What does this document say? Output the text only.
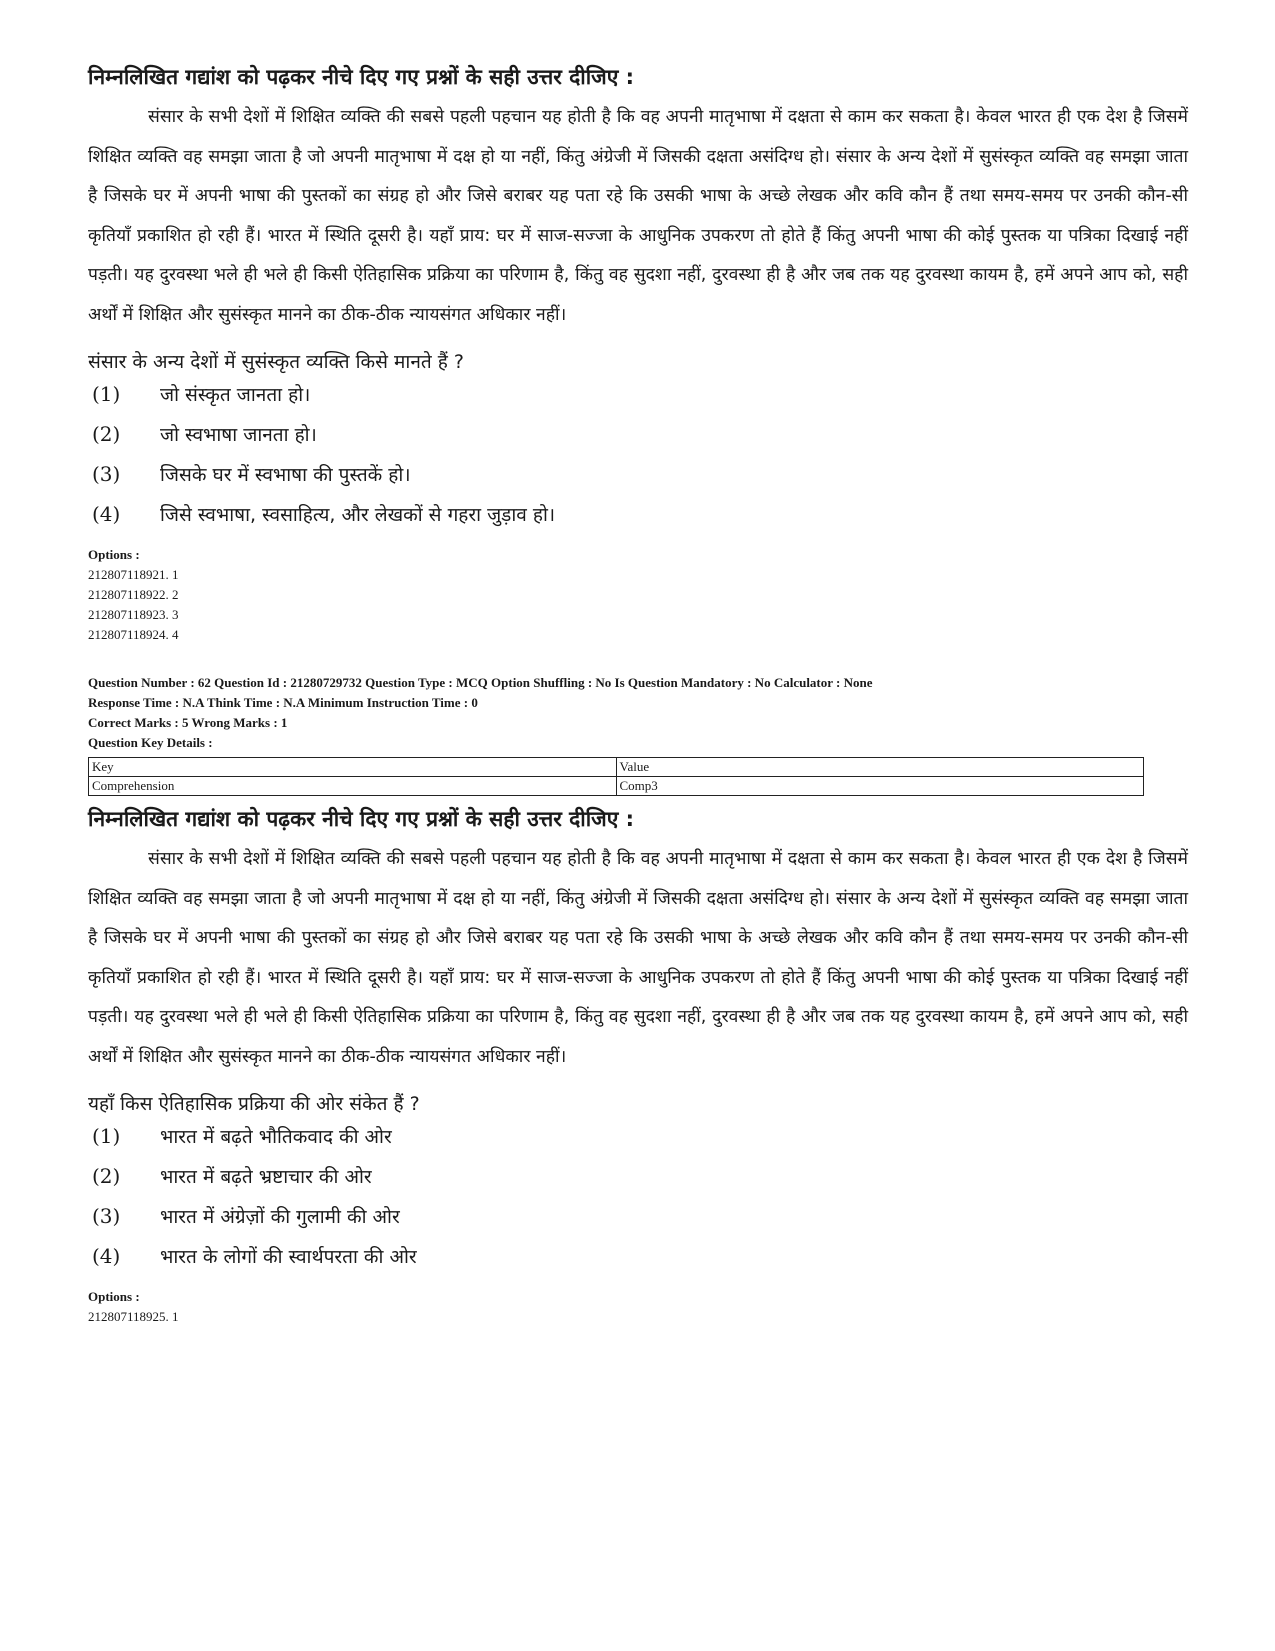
निम्नलिखित गद्यांश को पढ़कर नीचे दिए गए प्रश्नों के सही उत्तर दीजिए :

संसार के सभी देशों में शिक्षित व्यक्ति की सबसे पहली पहचान यह होती है कि वह अपनी मातृभाषा में दक्षता से काम कर सकता है। केवल भारत ही एक देश है जिसमें शिक्षित व्यक्ति वह समझा जाता है जो अपनी मातृभाषा में दक्ष हो या नहीं, किंतु अंग्रेजी में जिसकी दक्षता असंदिग्ध हो। संसार के अन्य देशों में सुसंस्कृत व्यक्ति वह समझा जाता है जिसके घर में अपनी भाषा की पुस्तकों का संग्रह हो और जिसे बराबर यह पता रहे कि उसकी भाषा के अच्छे लेखक और कवि कौन हैं तथा समय-समय पर उनकी कौन-सी कृतियाँ प्रकाशित हो रही हैं। भारत में स्थिति दूसरी है। यहाँ प्राय: घर में साज-सज्जा के आधुनिक उपकरण तो होते हैं किंतु अपनी भाषा की कोई पुस्तक या पत्रिका दिखाई नहीं पड़ती। यह दुरवस्था भले ही भले ही किसी ऐतिहासिक प्रक्रिया का परिणाम है, किंतु वह सुदशा नहीं, दुरवस्था ही है और जब तक यह दुरवस्था कायम है, हमें अपने आप को, सही अर्थों में शिक्षित और सुसंस्कृत मानने का ठीक-ठीक न्यायसंगत अधिकार नहीं।

संसार के अन्य देशों में सुसंस्कृत व्यक्ति किसे मानते हैं ?
(1)	जो संस्कृत जानता हो।
(2)	जो स्वभाषा जानता हो।
(3)	जिसके घर में स्वभाषा की पुस्तकें हो।
(4)	जिसे स्वभाषा, स्वसाहित्य, और लेखकों से गहरा जुड़ाव हो।
Options :
212807118921. 1
212807118922. 2
212807118923. 3
212807118924. 4
Question Number : 62 Question Id : 21280729732 Question Type : MCQ Option Shuffling : No Is Question Mandatory : No Calculator : None
Response Time : N.A Think Time : N.A Minimum Instruction Time : 0
Correct Marks : 5 Wrong Marks : 1
Question Key Details :
Key	Value
Comprehension	Comp3
निम्नलिखित गद्यांश को पढ़कर नीचे दिए गए प्रश्नों के सही उत्तर दीजिए :

संसार के सभी देशों में शिक्षित व्यक्ति की सबसे पहली पहचान यह होती है कि वह अपनी मातृभाषा में दक्षता से काम कर सकता है। केवल भारत ही एक देश है जिसमें शिक्षित व्यक्ति वह समझा जाता है जो अपनी मातृभाषा में दक्ष हो या नहीं, किंतु अंग्रेजी में जिसकी दक्षता असंदिग्ध हो। संसार के अन्य देशों में सुसंस्कृत व्यक्ति वह समझा जाता है जिसके घर में अपनी भाषा की पुस्तकों का संग्रह हो और जिसे बराबर यह पता रहे कि उसकी भाषा के अच्छे लेखक और कवि कौन हैं तथा समय-समय पर उनकी कौन-सी कृतियाँ प्रकाशित हो रही हैं। भारत में स्थिति दूसरी है। यहाँ प्राय: घर में साज-सज्जा के आधुनिक उपकरण तो होते हैं किंतु अपनी भाषा की कोई पुस्तक या पत्रिका दिखाई नहीं पड़ती। यह दुरवस्था भले ही भले ही किसी ऐतिहासिक प्रक्रिया का परिणाम है, किंतु वह सुदशा नहीं, दुरवस्था ही है और जब तक यह दुरवस्था कायम है, हमें अपने आप को, सही अर्थों में शिक्षित और सुसंस्कृत मानने का ठीक-ठीक न्यायसंगत अधिकार नहीं।

यहाँ किस ऐतिहासिक प्रक्रिया की ओर संकेत हैं ?
(1)	भारत में बढ़ते भौतिकवाद की ओर
(2)	भारत में बढ़ते भ्रष्टाचार की ओर
(3)	भारत में अंग्रेज़ों की गुलामी की ओर
(4)	भारत के लोगों की स्वार्थपरता की ओर
Options :
212807118925. 1
